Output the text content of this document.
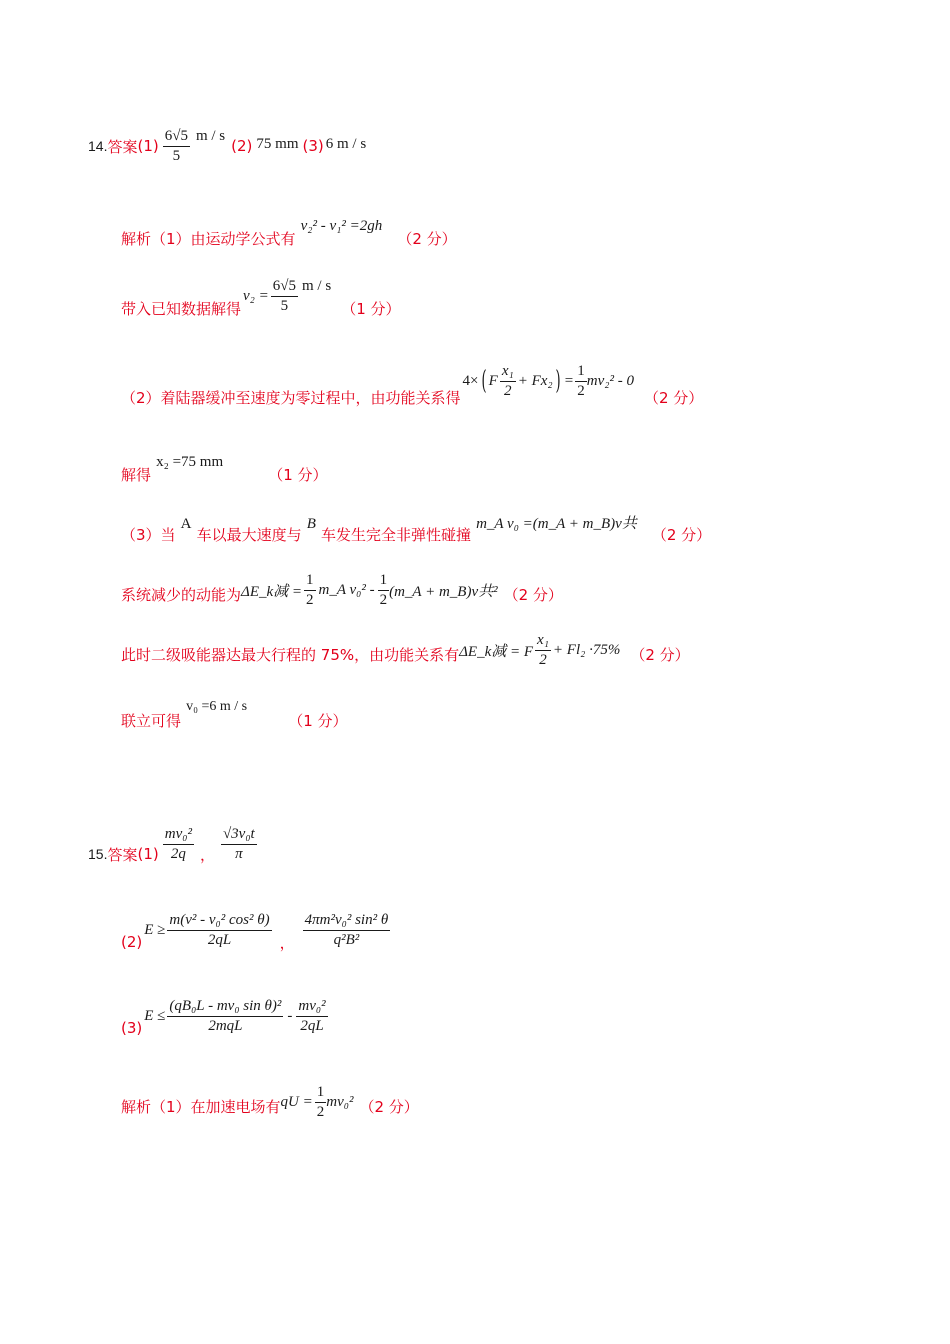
14. 答案 $(1) \frac{6√5}{5}$ m / s
(2) 75 mm (3) 6 m / s
解析（1）由运动学公式有 v₂² - v₁² =2gh （2 分）
带入已知数据解得
$v_2 = \frac{6√5}{5}$ m / s
（1 分）
（2）着陆器缓冲至速度为零过程中，由功能关系得
4× ( F $\frac{\text{x₁}}{2} + Fx_2$ ) = $\frac{1}{2} mv_2^2 - 0$
（2 分）
解得 x₂ =75 mm （1 分）
（3）当 A 车以最大速度与 B 车发生完全非弹性碰撞 m_A v₀ =(m_A + m_B)v共 （2 分）
系统减少的动能为 ΔE_k减 = $\frac{1}{2}$ m_A $v_0^2 - \frac{1}{2}$ (m_A + m_B)v共² （2 分）
此时二级吸能器达最大行程的 75%，由功能关系有 ΔE_k减 = F $\frac{\text{x₁}}{2} + Fl_2 \cdot 75\%$ （2 分）
联立可得 v₀ =6 m / s （1 分）
15. 答案 $(1) \frac{\text{mv₀²}}{2q}$ ， $\frac{\text{√3v₀t}}{\pi}$
(2)
$E \ge \frac{\text{m(v² - v₀² cos² θ)}}{2qL}$ ， $\frac{\text{4πm²v₀² sin² θ}}{\text{q²B²}}$
(3)
$E \le \frac{\text{(qB₀L - mv₀ sin θ)²}}{\text{2mqL}} - \frac{\text{mv₀²}}{2qL}$
解析（1）在加速电场有 qU = $\frac{1}{2} mv_0^2$ （2 分）
